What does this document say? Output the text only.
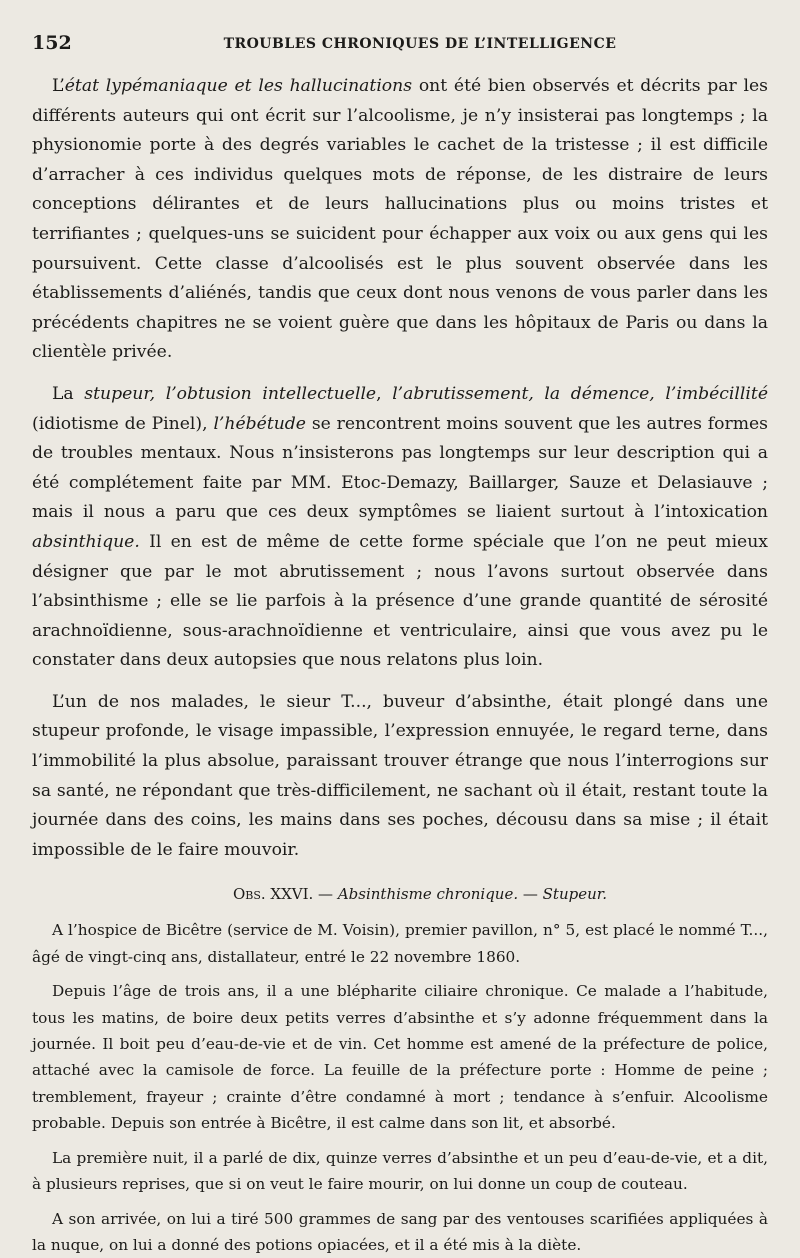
152	TROUBLES CHRONIQUES DE L’INTELLIGENCE

L’état lypémaniaque et les hallucinations ont été bien observés et décrits par les différents auteurs qui ont écrit sur l’alcoolisme, je n’y insisterai pas longtemps ; la physionomie porte à des degrés variables le cachet de la tristesse ; il est difficile d’arracher à ces individus quelques mots de réponse, de les distraire de leurs conceptions délirantes et de leurs hallucinations plus ou moins tristes et terrifiantes ; quelques-uns se suicident pour échapper aux voix ou aux gens qui les poursuivent. Cette classe d’alcoolisés est le plus souvent observée dans les établissements d’aliénés, tandis que ceux dont nous venons de vous parler dans les précédents chapitres ne se voient guère que dans les hôpitaux de Paris ou dans la clientèle privée.

La stupeur, l’obtusion intellectuelle, l’abrutissement, la démence, l’imbécillité (idiotisme de Pinel), l’hébétude se rencontrent moins souvent que les autres formes de troubles mentaux. Nous n’insisterons pas longtemps sur leur description qui a été complétement faite par MM. Etoc-Demazy, Baillarger, Sauze et Delasiauve ; mais il nous a paru que ces deux symptômes se liaient surtout à l’intoxication absinthique. Il en est de même de cette forme spéciale que l’on ne peut mieux désigner que par le mot abrutissement ; nous l’avons surtout observée dans l’absinthisme ; elle se lie parfois à la présence d’une grande quantité de sérosité arachnoïdienne, sous-arachnoïdienne et ventriculaire, ainsi que vous avez pu le constater dans deux autopsies que nous relatons plus loin.

L’un de nos malades, le sieur T..., buveur d’absinthe, était plongé dans une stupeur profonde, le visage impassible, l’expression ennuyée, le regard terne, dans l’immobilité la plus absolue, paraissant trouver étrange que nous l’interrogions sur sa santé, ne répondant que très-difficilement, ne sachant où il était, restant toute la journée dans des coins, les mains dans ses poches, décousu dans sa mise ; il était impossible de le faire mouvoir.

Obs. XXVI. — Absinthisme chronique. — Stupeur.

A l’hospice de Bicêtre (service de M. Voisin), premier pavillon, n° 5, est placé le nommé T..., âgé de vingt-cinq ans, distallateur, entré le 22 novembre 1860.

Depuis l’âge de trois ans, il a une blépharite ciliaire chronique. Ce malade a l’habitude, tous les matins, de boire deux petits verres d’absinthe et s’y adonne fréquemment dans la journée. Il boit peu d’eau-de-vie et de vin. Cet homme est amené de la préfecture de police, attaché avec la camisole de force. La feuille de la préfecture porte : Homme de peine ; tremblement, frayeur ; crainte d’être condamné à mort ; tendance à s’enfuir. Alcoolisme probable. Depuis son entrée à Bicêtre, il est calme dans son lit, et absorbé.

La première nuit, il a parlé de dix, quinze verres d’absinthe et un peu d’eau-de-vie, et a dit, à plusieurs reprises, que si on veut le faire mourir, on lui donne un coup de couteau.

A son arrivée, on lui a tiré 500 grammes de sang par des ventouses scarifiées appliquées à la nuque, on lui a donné des potions opiacées, et il a été mis à la diète.
